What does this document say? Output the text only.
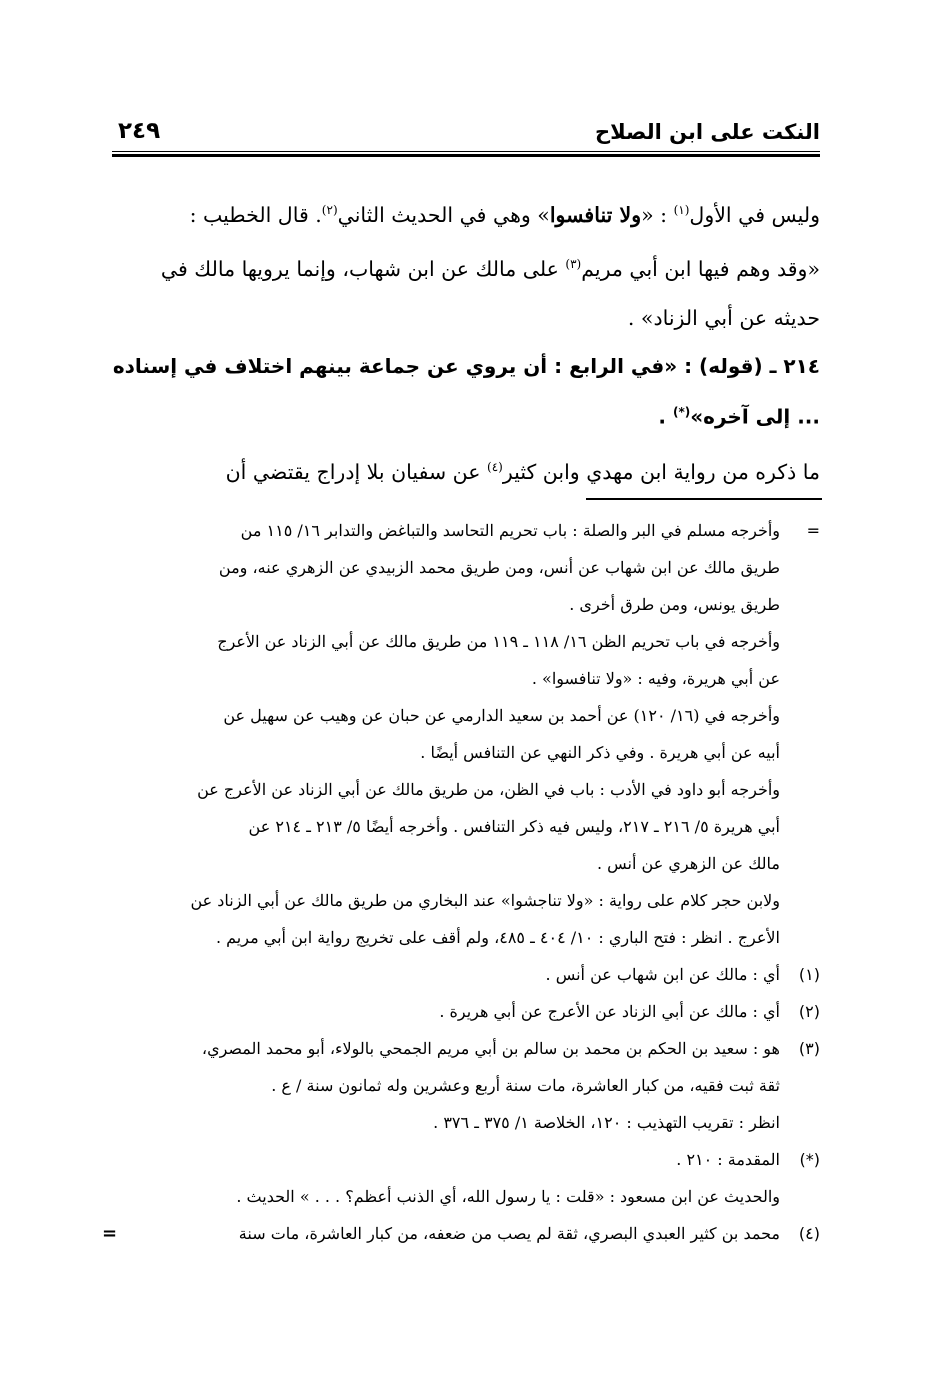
النكت على ابن الصلاح
٢٤٩

وليس في الأول$^{(١)}$ : «ولا تنافسوا» وهي في الحديث الثاني$^{(٢)}$. قال الخطيب :
«وقد وهم فيها ابن أبي مريم$^{(٣)}$ على مالك عن ابن شهاب، وإنما يرويها مالك في
حديثه عن أبي الزناد» .

٢١٤ ـ (قوله) : «في الرابع : أن يروي عن جماعة بينهم اختلاف في إسناده
... إلى آخره»(*) .

ما ذكره من رواية ابن مهدي وابن كثير$^{(٤)}$ عن سفيان بلا إدراج يقتضي أن

=
وأخرجه مسلم في البر والصلة : باب تحريم التحاسد والتباغض والتدابر ١٦/ ١١٥ من
طريق مالك عن ابن شهاب عن أنس، ومن طريق محمد الزبيدي عن الزهري عنه، ومن
طريق يونس، ومن طرق أخرى .
وأخرجه في باب تحريم الظن ١٦/ ١١٨ ـ ١١٩ من طريق مالك عن أبي الزناد عن الأعرج
عن أبي هريرة، وفيه : «ولا تنافسوا» .
وأخرجه في (١٦/ ١٢٠) عن أحمد بن سعيد الدارمي عن حبان عن وهيب عن سهيل عن
أبيه عن أبي هريرة . وفي ذكر النهي عن التنافس أيضًا .
وأخرجه أبو داود في الأدب : باب في الظن، من طريق مالك عن أبي الزناد عن الأعرج عن
أبي هريرة ٥/ ٢١٦ ـ ٢١٧، وليس فيه ذكر التنافس . وأخرجه أيضًا ٥/ ٢١٣ ـ ٢١٤ عن
مالك عن الزهري عن أنس .
ولابن حجر كلام على رواية : «ولا تناجشوا» عند البخاري من طريق مالك عن أبي الزناد عن
الأعرج . انظر : فتح الباري : ١٠/ ٤٠٤ ـ ٤٨٥، ولم أقف على تخريج رواية ابن أبي مريم .
(١)
أي : مالك عن ابن شهاب عن أنس .
(٢)
أي : مالك عن أبي الزناد عن الأعرج عن أبي هريرة .
(٣)
هو : سعيد بن الحكم بن محمد بن سالم بن أبي مريم الجمحي بالولاء، أبو محمد المصري،
ثقة ثبت فقيه، من كبار العاشرة، مات سنة أربع وعشرين وله ثمانون سنة / ع .
انظر : تقريب التهذيب : ١٢٠، الخلاصة ١/ ٣٧٥ ـ ٣٧٦ .
(*)
المقدمة : ٢١٠ .
والحديث عن ابن مسعود : «قلت : يا رسول الله، أي الذنب أعظم؟ . . . » الحديث .
(٤)
محمد بن كثير العبدي البصري، ثقة لم يصب من ضعفه، من كبار العاشرة، مات سنة
=
